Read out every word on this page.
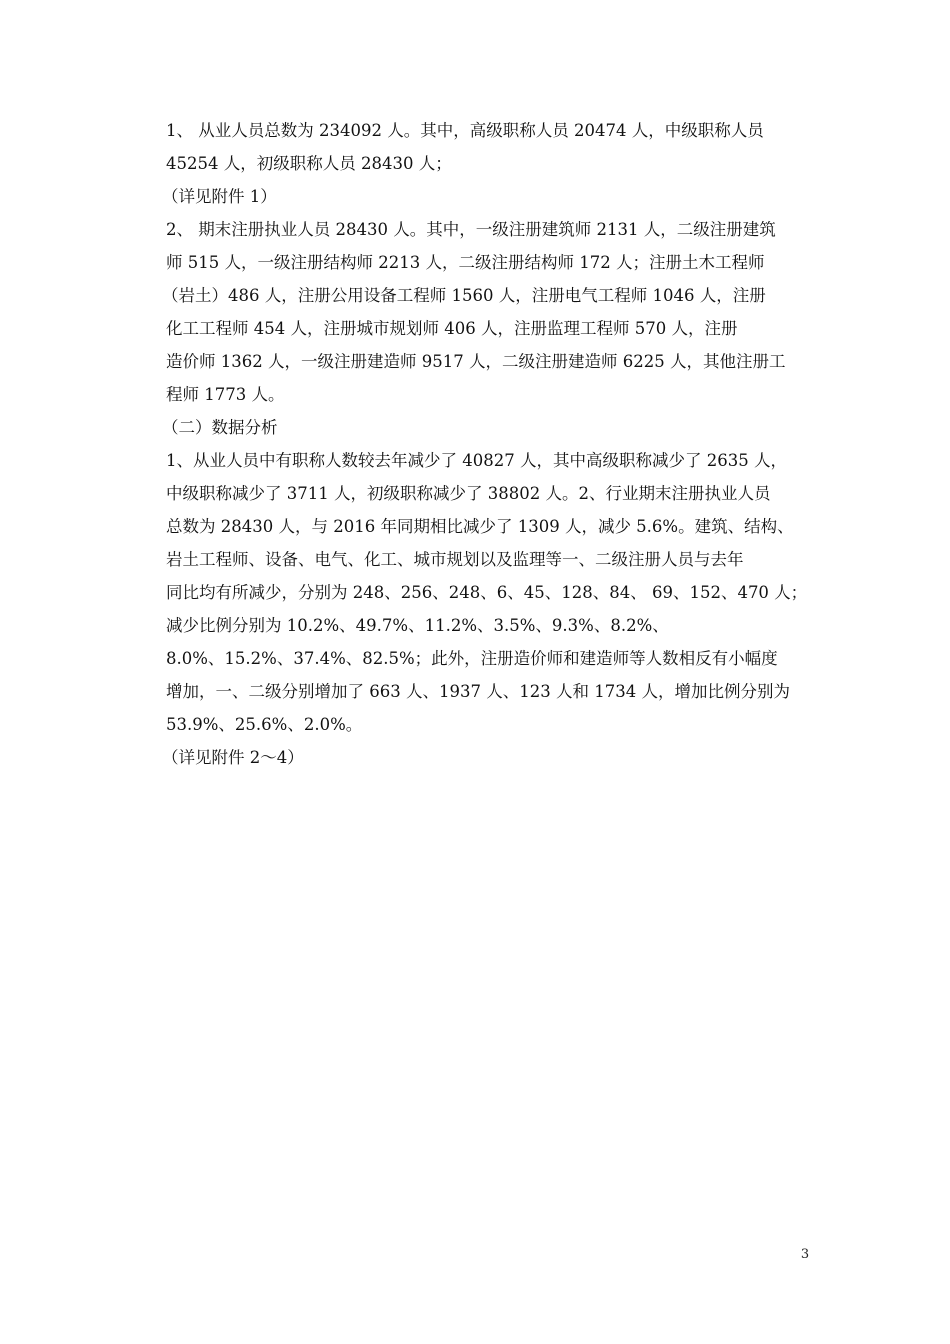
1、 从业人员总数为 234092 人。其中，高级职称人员 20474 人，中级职称人员
45254 人，初级职称人员 28430 人；
（详见附件 1）
2、 期末注册执业人员 28430 人。其中，一级注册建筑师 2131 人，二级注册建筑
师 515 人，一级注册结构师 2213 人，二级注册结构师 172 人；注册土木工程师
（岩土）486 人，注册公用设备工程师 1560 人，注册电气工程师 1046 人，注册
化工工程师 454 人，注册城市规划师 406 人，注册监理工程师 570 人，注册
造价师 1362 人，一级注册建造师 9517 人，二级注册建造师 6225 人，其他注册工
程师 1773 人。
（二）数据分析
1、从业人员中有职称人数较去年减少了 40827 人，其中高级职称减少了 2635 人，
中级职称减少了 3711 人，初级职称减少了 38802 人。2、行业期末注册执业人员
总数为 28430 人，与 2016 年同期相比减少了 1309 人，减少 5.6%。建筑、结构、
岩土工程师、设备、电气、化工、城市规划以及监理等一、二级注册人员与去年
同比均有所减少，分别为 248、256、248、6、45、128、84、 69、152、470 人；
减少比例分别为 10.2%、49.7%、11.2%、3.5%、9.3%、8.2%、
8.0%、15.2%、37.4%、82.5%；此外，注册造价师和建造师等人数相反有小幅度
增加，一、二级分别增加了 663 人、1937 人、123 人和 1734 人，增加比例分别为
53.9%、25.6%、2.0%。
（详见附件 2～4）
3
